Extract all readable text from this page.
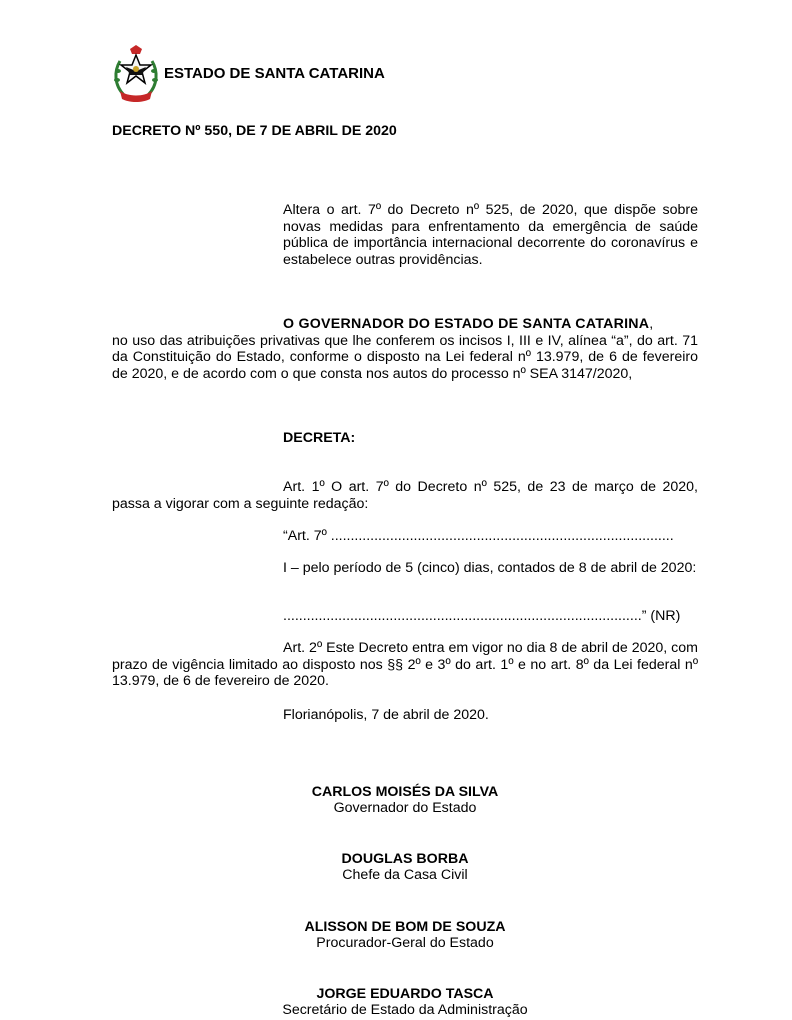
ESTADO DE SANTA CATARINA
DECRETO Nº 550, DE 7 DE ABRIL DE 2020
Altera o art. 7º do Decreto nº 525, de 2020, que dispõe sobre novas medidas para enfrentamento da emergência de saúde pública de importância internacional decorrente do coronavírus e estabelece outras providências.
O GOVERNADOR DO ESTADO DE SANTA CATARINA,
no uso das atribuições privativas que lhe conferem os incisos I, III e IV, alínea “a”, do art. 71 da Constituição do Estado, conforme o disposto na Lei federal nº 13.979, de 6 de fevereiro de 2020, e de acordo com o que consta nos autos do processo nº SEA 3147/2020,
DECRETA:
Art. 1º O art. 7º do Decreto nº 525, de 23 de março de 2020, passa a vigorar com a seguinte redação:
“Art. 7º .......................................................................................
I – pelo período de 5 (cinco) dias, contados de 8 de abril de 2020:
...........................................................................................” (NR)
Art. 2º Este Decreto entra em vigor no dia 8 de abril de 2020, com prazo de vigência limitado ao disposto nos §§ 2º e 3º do art. 1º e no art. 8º da Lei federal nº 13.979, de 6 de fevereiro de 2020.
Florianópolis, 7 de abril de 2020.
CARLOS MOISÉS DA SILVA
Governador do Estado
DOUGLAS BORBA
Chefe da Casa Civil
ALISSON DE BOM DE SOUZA
Procurador-Geral do Estado
JORGE EDUARDO TASCA
Secretário de Estado da Administração
